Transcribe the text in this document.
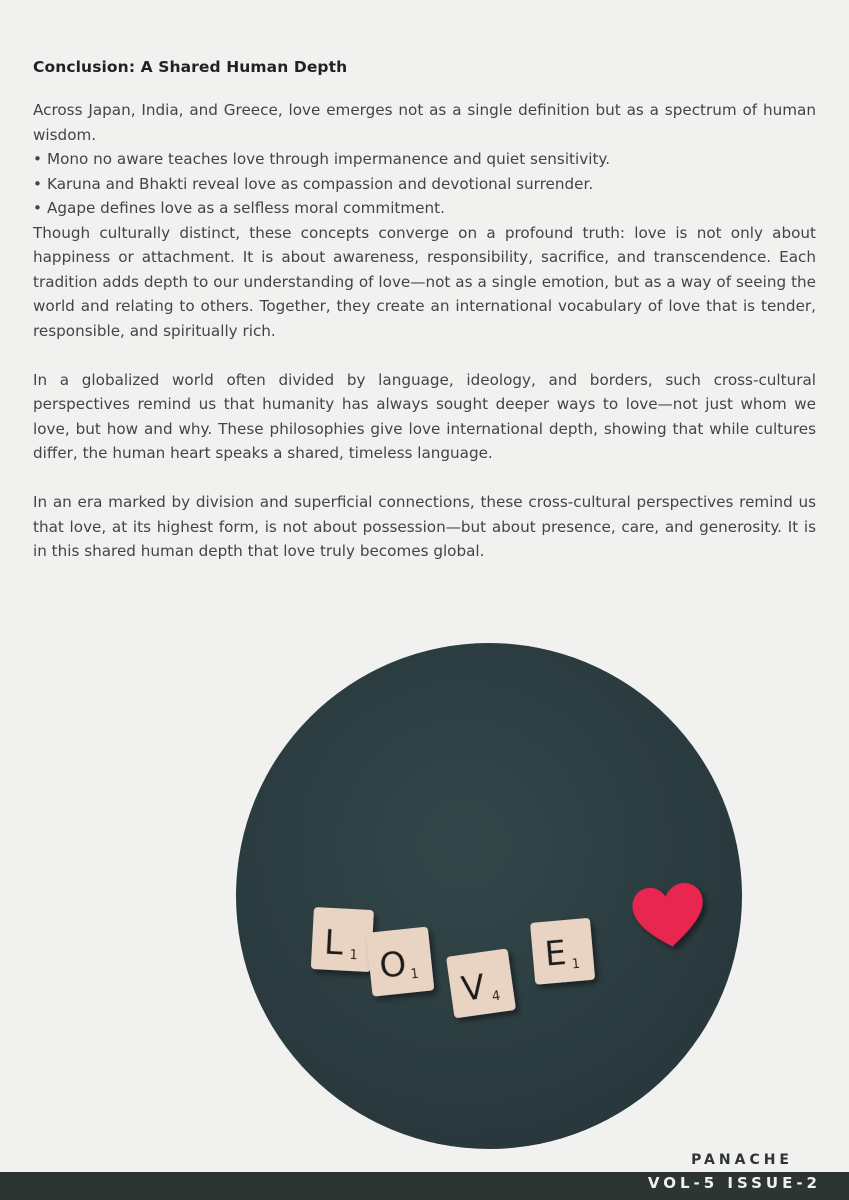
Conclusion: A Shared Human Depth

Across Japan, India, and Greece, love emerges not as a single definition but as a spectrum of human wisdom.

• Mono no aware teaches love through impermanence and quiet sensitivity.
• Karuna and Bhakti reveal love as compassion and devotional surrender.
• Agape defines love as a selfless moral commitment.

Though culturally distinct, these concepts converge on a profound truth: love is not only about happiness or attachment. It is about awareness, responsibility, sacrifice, and transcendence. Each tradition adds depth to our understanding of love—not as a single emotion, but as a way of seeing the world and relating to others. Together, they create an international vocabulary of love that is tender, responsible, and spiritually rich.

In a globalized world often divided by language, ideology, and borders, such cross-cultural perspectives remind us that humanity has always sought deeper ways to love—not just whom we love, but how and why. These philosophies give love international depth, showing that while cultures differ, the human heart speaks a shared, timeless language.

In an era marked by division and superficial connections, these cross-cultural perspectives remind us that love, at its highest form, is not about possession—but about presence, care, and generosity. It is in this shared human depth that love truly becomes global.

L 1 O 1 V 4
E 1
PANACHE
VOL-5 ISSUE-2
